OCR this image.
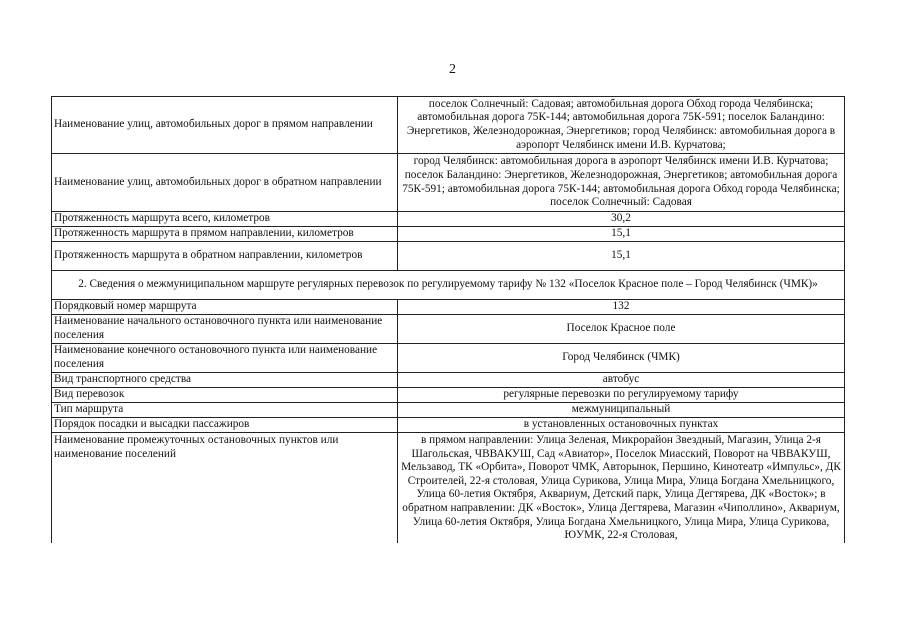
2
Наименование улиц, автомобильных дорог в прямом направлении	поселок Солнечный: Садовая; автомобильная дорога Обход города Челябинска; автомобильная дорога 75К-144; автомобильная дорога 75К-591; поселок Баландино: Энергетиков, Железнодорожная, Энергетиков; город Челябинск: автомобильная дорога в аэропорт Челябинск имени И.В. Курчатова;
Наименование улиц, автомобильных дорог в обратном направлении	город Челябинск: автомобильная дорога в аэропорт Челябинск имени И.В. Курчатова; поселок Баландино: Энергетиков, Железнодорожная, Энергетиков; автомобильная дорога 75К-591; автомобильная дорога 75К-144; автомобильная дорога Обход города Челябинска; поселок Солнечный: Садовая
Протяженность маршрута всего, километров	30,2
Протяженность маршрута в прямом направлении, километров	15,1
Протяженность маршрута в обратном направлении, километров	15,1
2. Сведения о межмуниципальном маршруте регулярных перевозок по регулируемому тарифу № 132 «Поселок Красное поле – Город Челябинск (ЧМК)»	
Порядковый номер маршрута	132
Наименование начального остановочного пункта или наименование поселения	Поселок Красное поле
Наименование конечного остановочного пункта или наименование поселения	Город Челябинск (ЧМК)
Вид транспортного средства	автобус
Вид перевозок	регулярные перевозки по регулируемому тарифу
Тип маршрута	межмуниципальный
Порядок посадки и высадки пассажиров	в установленных остановочных пунктах
Наименование промежуточных остановочных пунктов или наименование поселений	в прямом направлении: Улица Зеленая, Микрорайон Звездный, Магазин, Улица 2-я Шагольская, ЧВВАКУШ, Сад «Авиатор», Поселок Миасский, Поворот на ЧВВАКУШ, Мельзавод, ТК «Орбита», Поворот ЧМК, Авторынок, Першино, Кинотеатр «Импульс», ДК Строителей, 22-я столовая, Улица Сурикова, Улица Мира, Улица Богдана Хмельницкого, Улица 60-летия Октября, Аквариум, Детский парк, Улица Дегтярева, ДК «Восток»; в обратном направлении: ДК «Восток», Улица Дегтярева, Магазин «Чиполлино», Аквариум, Улица 60-летия Октября, Улица Богдана Хмельницкого, Улица Мира, Улица Сурикова, ЮУМК, 22-я Столовая,
